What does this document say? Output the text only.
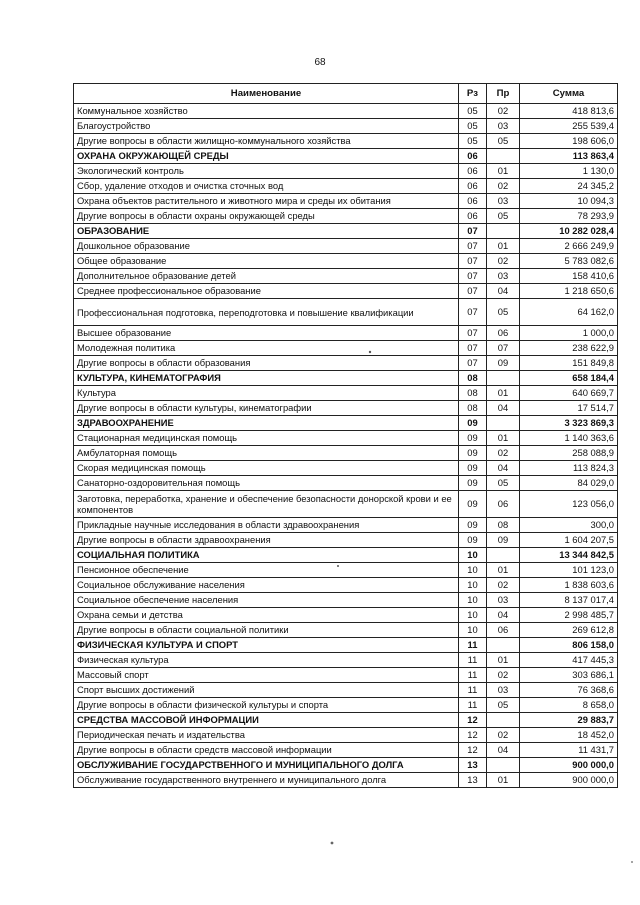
68
Наименование	Рз	Пр	Сумма
Коммунальное хозяйство	05	02	418 813,6
Благоустройство	05	03	255 539,4
Другие вопросы в области жилищно-коммунального хозяйства	05	05	198 606,0
ОХРАНА ОКРУЖАЮЩЕЙ СРЕДЫ	06		113 863,4
Экологический контроль	06	01	1 130,0
Сбор, удаление отходов и очистка сточных вод	06	02	24 345,2
Охрана объектов растительного и животного мира и среды их обитания	06	03	10 094,3
Другие вопросы в области охраны окружающей среды	06	05	78 293,9
ОБРАЗОВАНИЕ	07		10 282 028,4
Дошкольное образование	07	01	2 666 249,9
Общее образование	07	02	5 783 082,6
Дополнительное образование детей	07	03	158 410,6
Среднее профессиональное образование	07	04	1 218 650,6
Профессиональная подготовка, переподготовка и повышение квалификации	07	05	64 162,0
Высшее образование	07	06	1 000,0
Молодежная политика	07	07	238 622,9
Другие вопросы в области образования	07	09	151 849,8
КУЛЬТУРА, КИНЕМАТОГРАФИЯ	08		658 184,4
Культура	08	01	640 669,7
Другие вопросы в области культуры, кинематографии	08	04	17 514,7
ЗДРАВООХРАНЕНИЕ	09		3 323 869,3
Стационарная медицинская помощь	09	01	1 140 363,6
Амбулаторная помощь	09	02	258 088,9
Скорая медицинская помощь	09	04	113 824,3
Санаторно-оздоровительная помощь	09	05	84 029,0
Заготовка, переработка, хранение и обеспечение безопасности донорской крови и ее компонентов	09	06	123 056,0
Прикладные научные исследования в области здравоохранения	09	08	300,0
Другие вопросы в области здравоохранения	09	09	1 604 207,5
СОЦИАЛЬНАЯ ПОЛИТИКА	10		13 344 842,5
Пенсионное обеспечение	10	01	101 123,0
Социальное обслуживание населения	10	02	1 838 603,6
Социальное обеспечение населения	10	03	8 137 017,4
Охрана семьи и детства	10	04	2 998 485,7
Другие вопросы в области социальной политики	10	06	269 612,8
ФИЗИЧЕСКАЯ КУЛЬТУРА И СПОРТ	11		806 158,0
Физическая культура	11	01	417 445,3
Массовый спорт	11	02	303 686,1
Спорт высших достижений	11	03	76 368,6
Другие вопросы в области физической культуры и спорта	11	05	8 658,0
СРЕДСТВА МАССОВОЙ ИНФОРМАЦИИ	12		29 883,7
Периодическая печать и издательства	12	02	18 452,0
Другие вопросы в области средств массовой информации	12	04	11 431,7
ОБСЛУЖИВАНИЕ ГОСУДАРСТВЕННОГО И МУНИЦИПАЛЬНОГО ДОЛГА	13		900 000,0
Обслуживание государственного внутреннего и муниципального долга	13	01	900 000,0
